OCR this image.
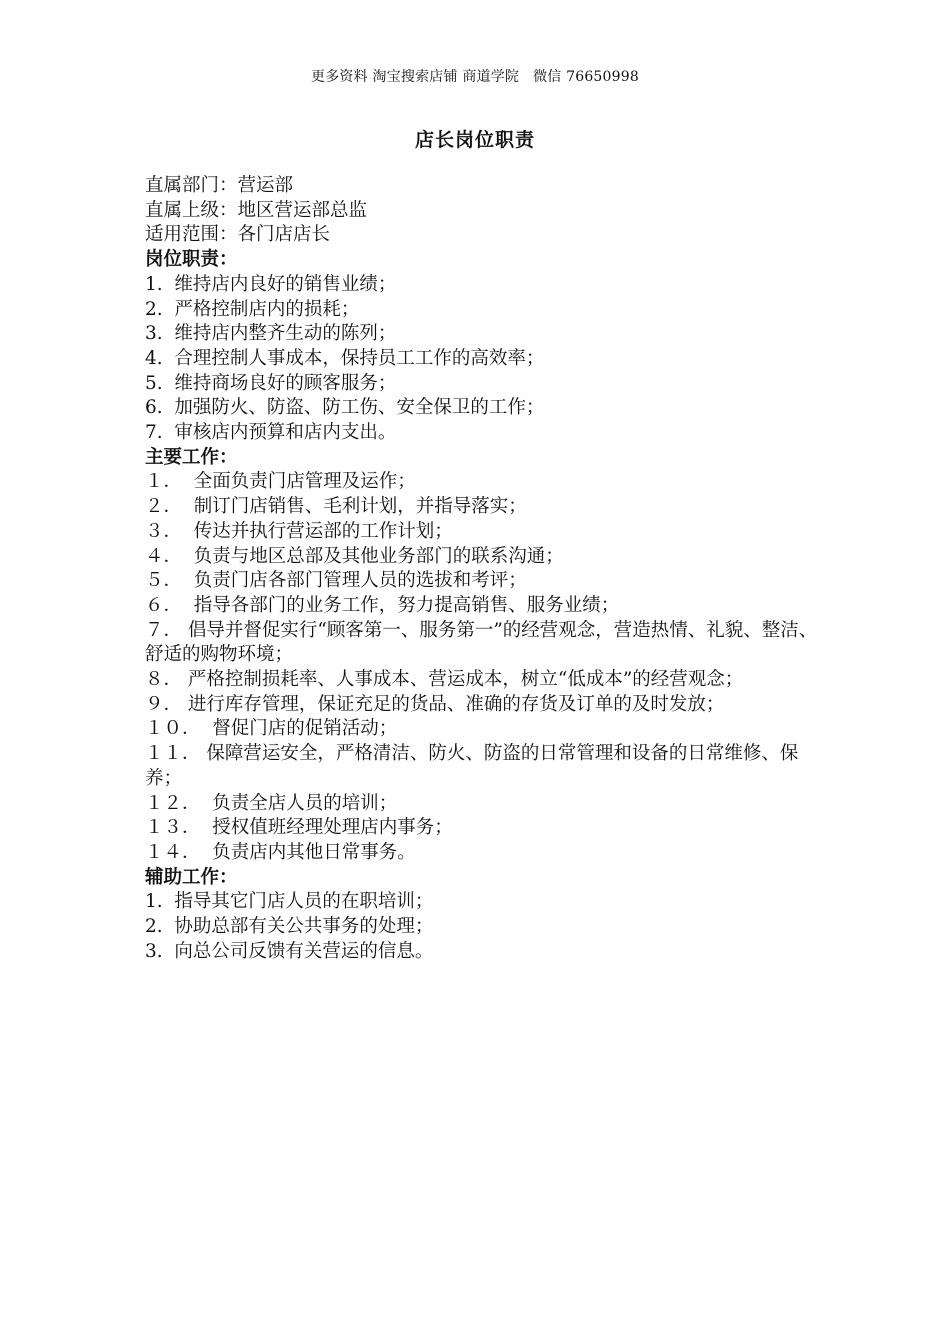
更多资料 淘宝搜索店铺 商道学院   微信 76650998
店长岗位职责

直属部门：营运部

直属上级：地区营运部总监

适用范围：各门店店长

岗位职责：

1.  维持店内良好的销售业绩；

2.  严格控制店内的损耗；

3.  维持店内整齐生动的陈列；

4.  合理控制人事成本，保持员工工作的高效率；

5.  维持商场良好的顾客服务；

6.  加强防火、防盗、防工伤、安全保卫的工作；

7.  审核店内预算和店内支出。

主要工作：

１．  全面负责门店管理及运作；

２．  制订门店销售、毛利计划，并指导落实；

３．  传达并执行营运部的工作计划；

４．  负责与地区总部及其他业务部门的联系沟通；

５．  负责门店各部门管理人员的选拔和考评；

６．  指导各部门的业务工作，努力提高销售、服务业绩；

７． 倡导并督促实行“顾客第一、服务第一”的经营观念，营造热情、礼貌、整洁、舒适的购物环境；

８． 严格控制损耗率、人事成本、营运成本，树立“低成本”的经营观念；

９． 进行库存管理，保证充足的货品、准确的存货及订单的及时发放；

１０．  督促门店的促销活动；

１１． 保障营运安全，严格清洁、防火、防盗的日常管理和设备的日常维修、保养；

１２．  负责全店人员的培训；

１３．  授权值班经理处理店内事务；

１４．  负责店内其他日常事务。

辅助工作：

1.  指导其它门店人员的在职培训；

2.  协助总部有关公共事务的处理；

3.  向总公司反馈有关营运的信息。
